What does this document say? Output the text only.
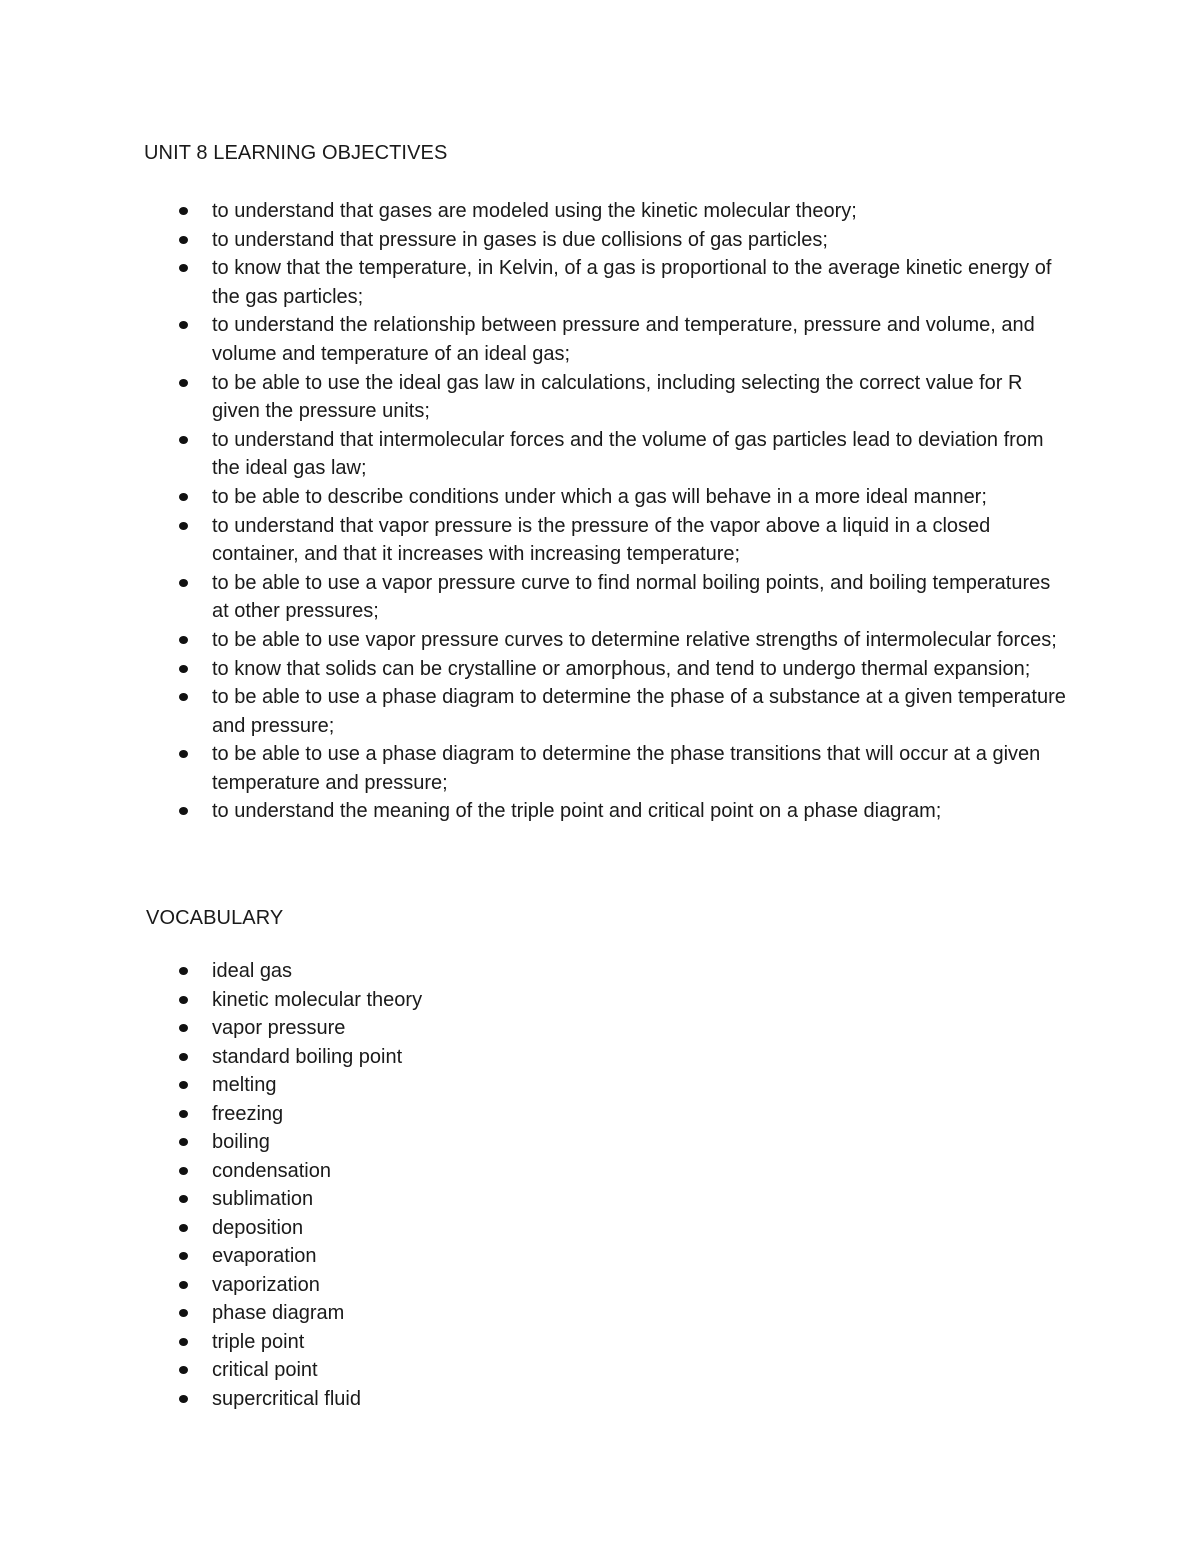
UNIT 8 LEARNING OBJECTIVES
to understand that gases are modeled using the kinetic molecular theory;
to understand that pressure in gases is due collisions of gas particles;
to know that the temperature, in Kelvin, of a gas is proportional to the average kinetic energy of the gas particles;
to understand the relationship between pressure and temperature, pressure and volume, and volume and temperature of an ideal gas;
to be able to use the ideal gas law in calculations, including selecting the correct value for R given the pressure units;
to understand that intermolecular forces and the volume of gas particles lead to deviation from the ideal gas law;
to be able to describe conditions under which a gas will behave in a more ideal manner;
to understand that vapor pressure is the pressure of the vapor above a liquid in a closed container, and that it increases with increasing temperature;
to be able to use a vapor pressure curve to find normal boiling points, and boiling temperatures at other pressures;
to be able to use vapor pressure curves to determine relative strengths of intermolecular forces;
to know that solids can be crystalline or amorphous, and tend to undergo thermal expansion;
to be able to use a phase diagram to determine the phase of a substance at a given temperature and pressure;
to be able to use a phase diagram to determine the phase transitions that will occur at a given temperature and pressure;
to understand the meaning of the triple point and critical point on a phase diagram;
VOCABULARY
ideal gas
kinetic molecular theory
vapor pressure
standard boiling point
melting
freezing
boiling
condensation
sublimation
deposition
evaporation
vaporization
phase diagram
triple point
critical point
supercritical fluid
